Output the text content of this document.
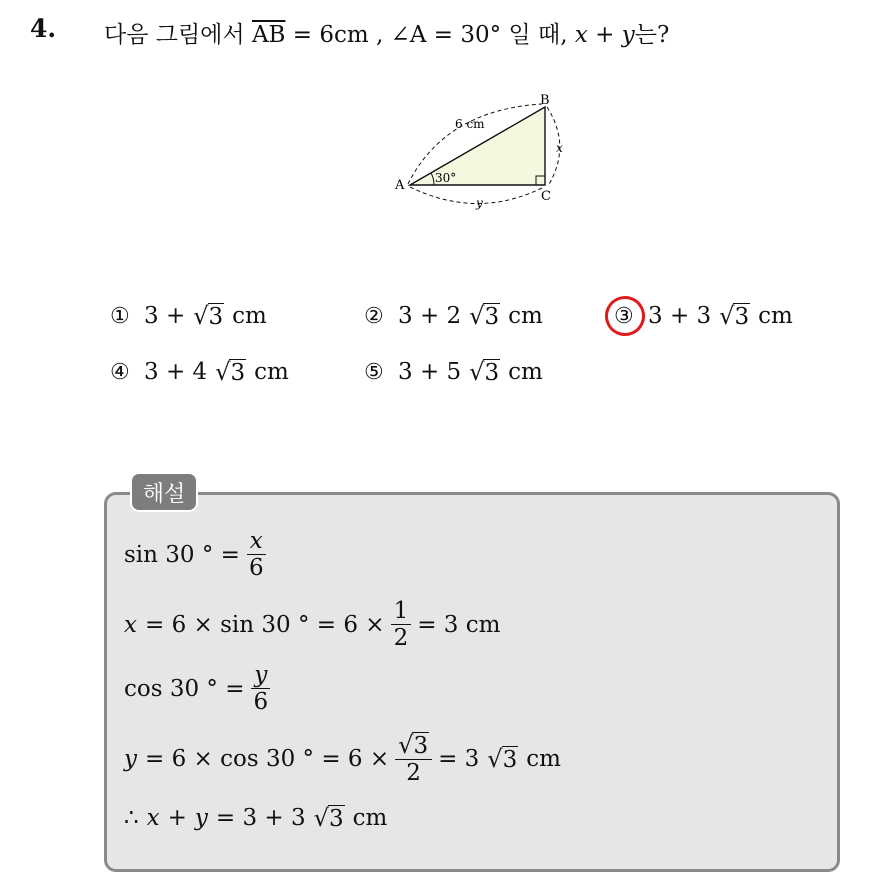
4. 다음 그림에서 $\overline{AB} = 6cm$ , ∠A = 30° 일 때, x + y는?
A
B
C
6 cm
x
y
30°
① 3 + √3 cm	② 3 + 2 √3 cm	③ 3 + 3 √3 cm
④ 3 + 4 √3 cm	⑤ 3 + 5 √3 cm
해설
sin 30 ° = $\frac{x}{6}$
x = 6 × sin 30 ° = $6 \times \frac{1}{2} = 3$ cm
cos 30 ° = $\frac{y}{6}$
y = 6 × cos 30 ° = $6 \times \frac{√3}{2} = 3$ √3 cm
∴ x + y = 3 + 3 √3 cm
